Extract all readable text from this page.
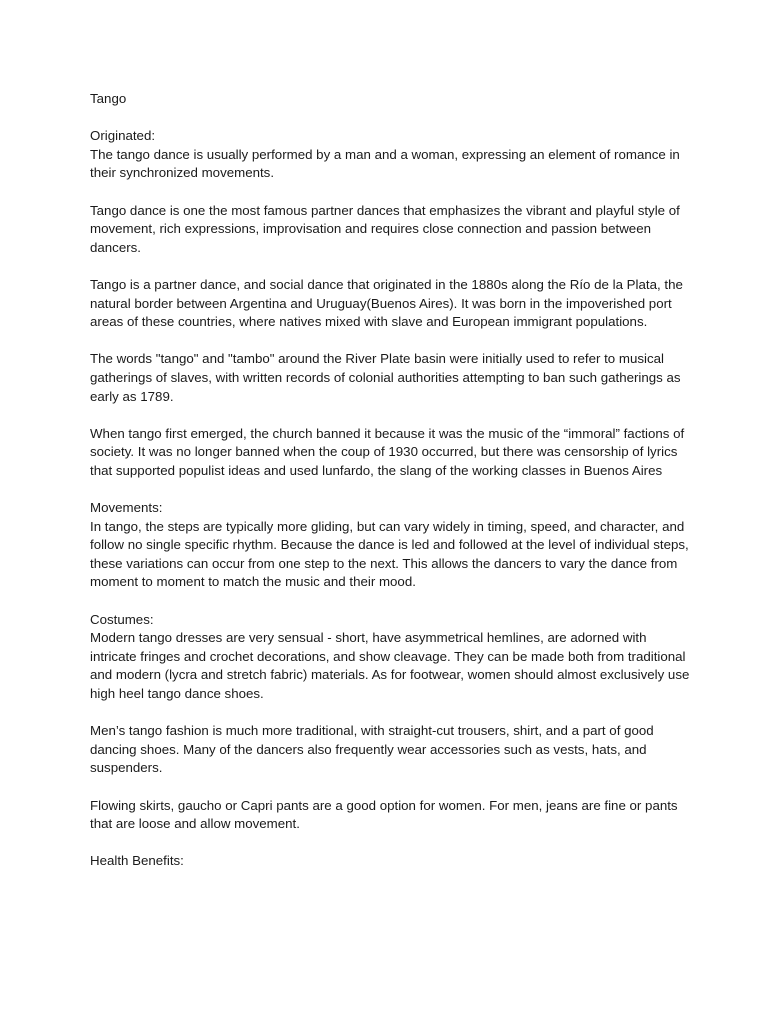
Tango

Originated:
The tango dance is usually performed by a man and a woman, expressing an element of romance in their synchronized movements.

Tango dance is one the most famous partner dances that emphasizes the vibrant and playful style of movement, rich expressions, improvisation and requires close connection and passion between dancers.

Tango is a partner dance, and social dance that originated in the 1880s along the Río de la Plata, the natural border between Argentina and Uruguay(Buenos Aires). It was born in the impoverished port areas of these countries, where natives mixed with slave and European immigrant populations.

The words "tango" and "tambo" around the River Plate basin were initially used to refer to musical gatherings of slaves, with written records of colonial authorities attempting to ban such gatherings as early as 1789.

When tango first emerged, the church banned it because it was the music of the “immoral” factions of society. It was no longer banned when the coup of 1930 occurred, but there was censorship of lyrics that supported populist ideas and used lunfardo, the slang of the working classes in Buenos Aires

Movements:
In tango, the steps are typically more gliding, but can vary widely in timing, speed, and character, and follow no single specific rhythm. Because the dance is led and followed at the level of individual steps, these variations can occur from one step to the next. This allows the dancers to vary the dance from moment to moment to match the music and their mood.

Costumes:
Modern tango dresses are very sensual - short, have asymmetrical hemlines, are adorned with intricate fringes and crochet decorations, and show cleavage. They can be made both from traditional and modern (lycra and stretch fabric) materials. As for footwear, women should almost exclusively use high heel tango dance shoes.

Men’s tango fashion is much more traditional, with straight-cut trousers, shirt, and a part of good dancing shoes. Many of the dancers also frequently wear accessories such as vests, hats, and suspenders.

Flowing skirts, gaucho or Capri pants are a good option for women. For men, jeans are fine or pants that are loose and allow movement.

Health Benefits:
